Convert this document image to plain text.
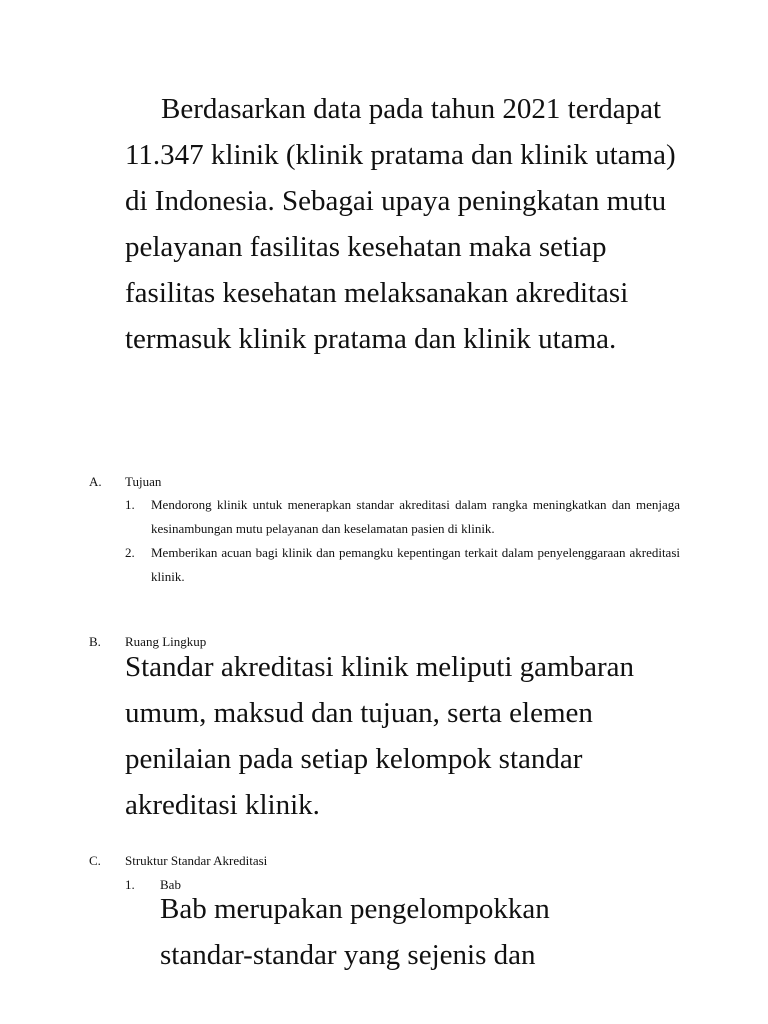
Berdasarkan data pada tahun 2021 terdapat 11.347 klinik (klinik pratama dan klinik utama) di Indonesia. Sebagai upaya peningkatan mutu pelayanan fasilitas kesehatan maka setiap fasilitas kesehatan melaksanakan akreditasi termasuk klinik pratama dan klinik utama.

A. Tujuan
1. Mendorong klinik untuk menerapkan standar akreditasi dalam rangka meningkatkan dan menjaga kesinambungan mutu pelayanan dan keselamatan pasien di klinik.
2. Memberikan acuan bagi klinik dan pemangku kepentingan terkait dalam penyelenggaraan akreditasi klinik.
B. Ruang Lingkup

Standar akreditasi klinik meliputi gambaran umum, maksud dan tujuan, serta elemen penilaian pada setiap kelompok standar akreditasi klinik.

C. Struktur Standar Akreditasi
1. Bab

Bab merupakan pengelompokkan standar-standar yang sejenis dan
